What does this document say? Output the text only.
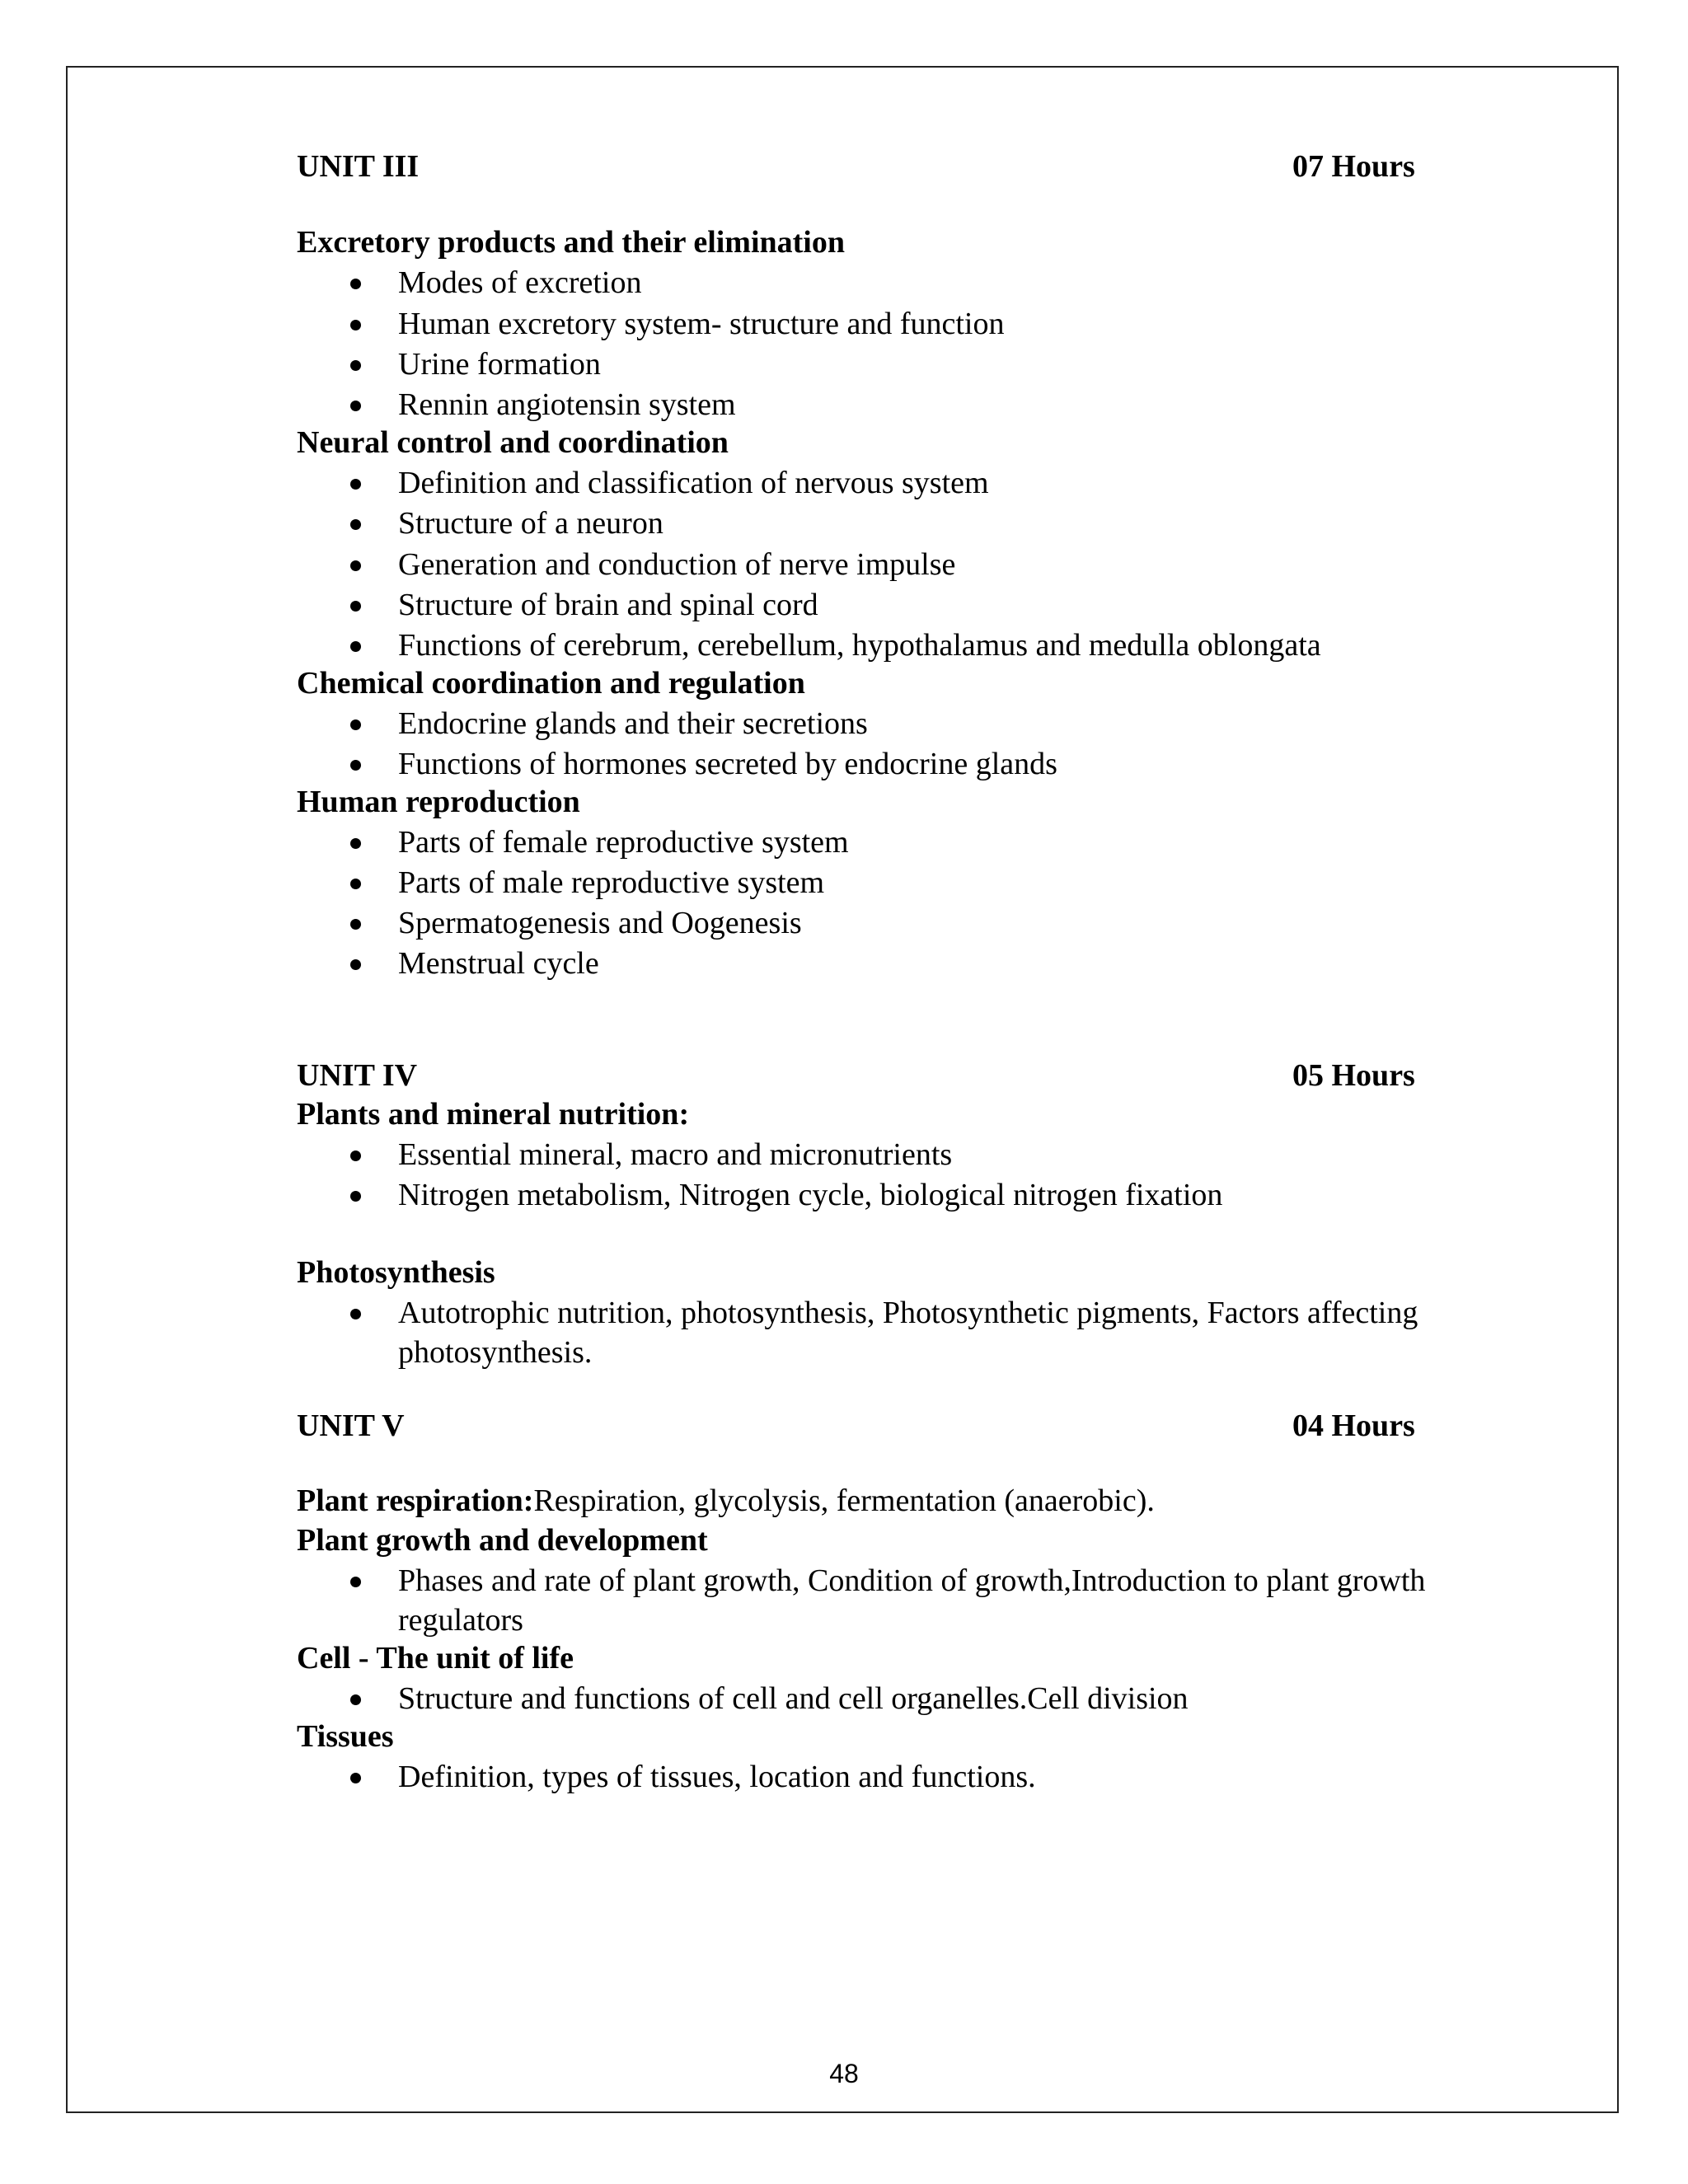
UNIT III	07 Hours
Excretory products and their elimination
Modes of excretion
Human excretory system- structure and function
Urine formation
Rennin angiotensin system
Neural control and coordination
Definition and classification of nervous system
Structure of a neuron
Generation and conduction of nerve impulse
Structure of brain and spinal cord
Functions of cerebrum, cerebellum, hypothalamus and medulla oblongata
Chemical coordination and regulation
Endocrine glands and their secretions
Functions of hormones secreted by endocrine glands
Human reproduction
Parts of female reproductive system
Parts of male reproductive system
Spermatogenesis and Oogenesis
Menstrual cycle
UNIT IV	05 Hours
Plants and mineral nutrition:
Essential mineral, macro and micronutrients
Nitrogen metabolism, Nitrogen cycle, biological nitrogen fixation
Photosynthesis
Autotrophic nutrition, photosynthesis, Photosynthetic pigments, Factors affecting photosynthesis.
UNIT V	04 Hours
Plant respiration:Respiration, glycolysis, fermentation (anaerobic).
Plant growth and development
Phases and rate of plant growth, Condition of growth,Introduction to plant growth regulators
Cell - The unit of life
Structure and functions of cell and cell organelles.Cell division
Tissues
Definition, types of tissues, location and functions.
48
